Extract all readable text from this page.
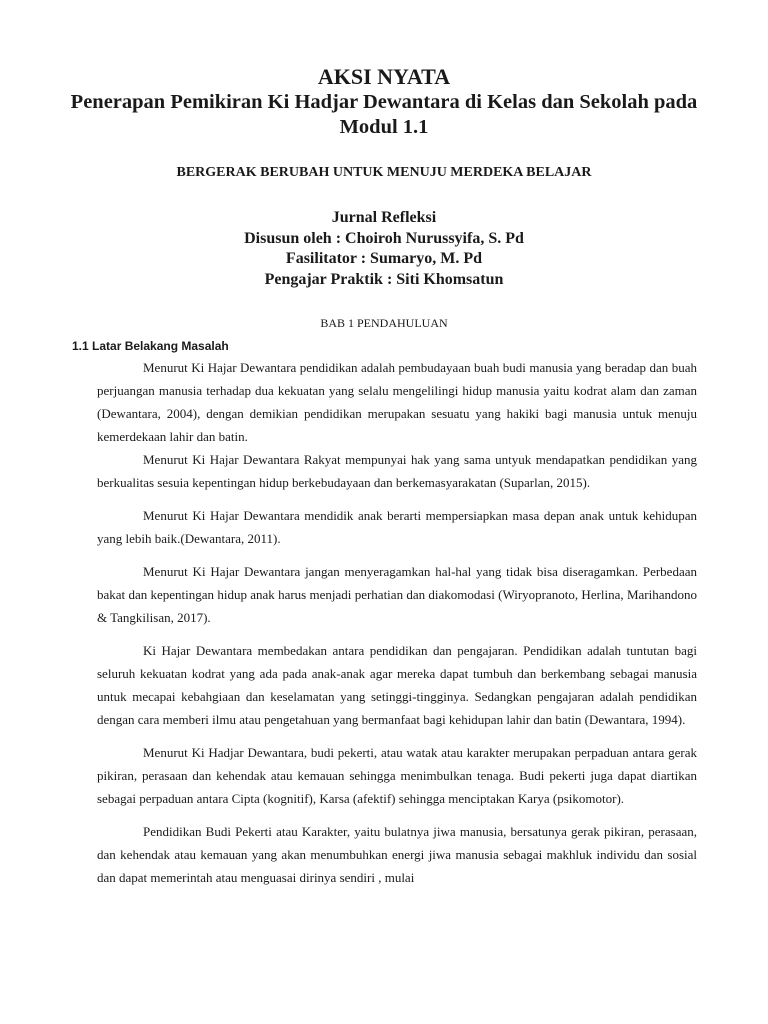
AKSI NYATA
Penerapan Pemikiran Ki Hadjar Dewantara di Kelas dan Sekolah pada Modul 1.1
BERGERAK BERUBAH UNTUK MENUJU MERDEKA BELAJAR
Jurnal Refleksi
Disusun oleh : Choiroh Nurussyifa, S. Pd
Fasilitator : Sumaryo, M. Pd
Pengajar Praktik : Siti Khomsatun
BAB 1 PENDAHULUAN
1.1 Latar Belakang Masalah

Menurut Ki Hajar Dewantara pendidikan adalah pembudayaan buah budi manusia yang beradap dan buah perjuangan manusia terhadap dua kekuatan yang selalu mengelilingi hidup manusia yaitu kodrat alam dan zaman (Dewantara, 2004), dengan demikian pendidikan merupakan sesuatu yang hakiki bagi manusia untuk menuju kemerdekaan lahir dan batin.

Menurut Ki Hajar Dewantara Rakyat mempunyai hak yang sama untyuk mendapatkan pendidikan yang berkualitas sesuia kepentingan hidup berkebudayaan dan berkemasyarakatan (Suparlan, 2015).

Menurut Ki Hajar Dewantara mendidik anak berarti mempersiapkan masa depan anak untuk kehidupan yang lebih baik.(Dewantara, 2011).

Menurut Ki Hajar Dewantara jangan menyeragamkan hal-hal yang tidak bisa diseragamkan. Perbedaan bakat dan kepentingan hidup anak harus menjadi perhatian dan diakomodasi (Wiryopranoto, Herlina, Marihandono & Tangkilisan, 2017).

Ki Hajar Dewantara membedakan antara pendidikan dan pengajaran. Pendidikan adalah tuntutan bagi seluruh kekuatan kodrat yang ada pada anak-anak agar mereka dapat tumbuh dan berkembang sebagai manusia untuk mecapai kebahgiaan dan keselamatan yang setinggi-tingginya. Sedangkan pengajaran adalah pendidikan dengan cara memberi ilmu atau pengetahuan yang bermanfaat bagi kehidupan lahir dan batin (Dewantara, 1994).

Menurut Ki Hadjar Dewantara, budi pekerti, atau watak atau karakter merupakan perpaduan antara gerak pikiran, perasaan dan kehendak atau kemauan sehingga menimbulkan tenaga. Budi pekerti juga dapat diartikan sebagai perpaduan antara Cipta (kognitif), Karsa (afektif) sehingga menciptakan Karya (psikomotor).

Pendidikan Budi Pekerti atau Karakter, yaitu bulatnya jiwa manusia, bersatunya gerak pikiran, perasaan, dan kehendak atau kemauan yang akan menumbuhkan energi jiwa manusia sebagai makhluk individu dan sosial dan dapat memerintah atau menguasai dirinya sendiri , mulai
